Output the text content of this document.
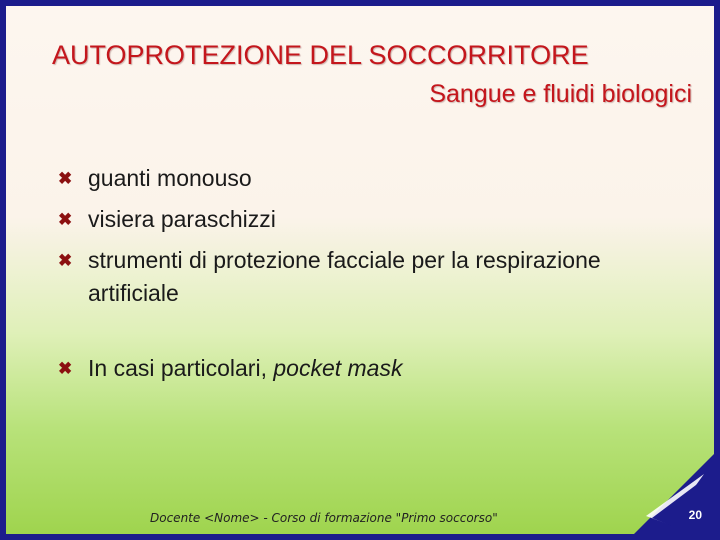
AUTOPROTEZIONE DEL SOCCORRITORE
Sangue e fluidi biologici
✖ guanti monouso
✖ visiera paraschizzi
✖ strumenti di protezione facciale per la respirazione artificiale
✖ In casi particolari, pocket mask
Docente <Nome> - Corso di formazione "Primo soccorso"	20
